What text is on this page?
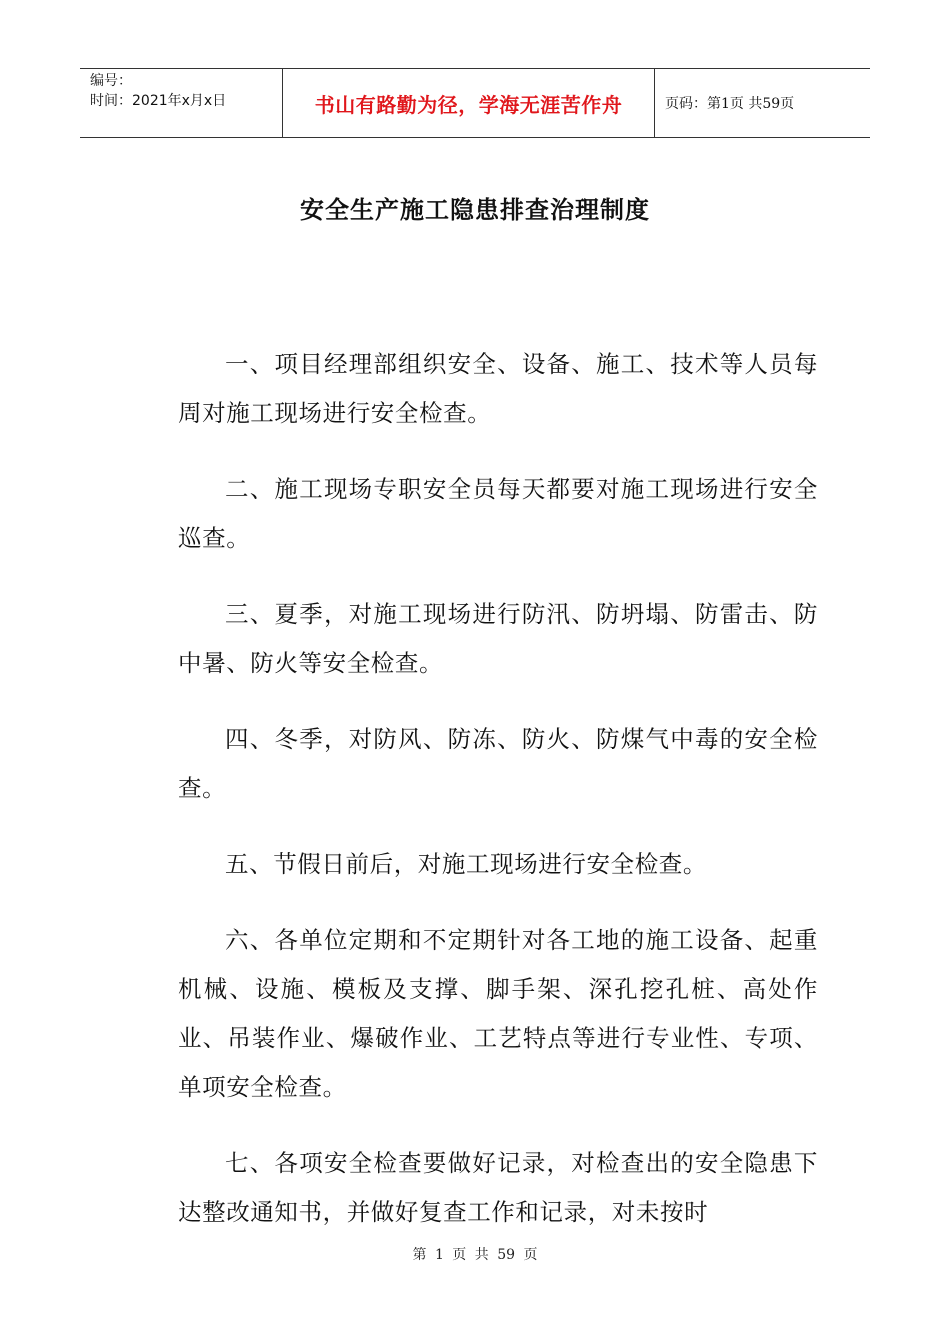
编号：
时间：2021年x月x日	书山有路勤为径，学海无涯苦作舟	页码：第1页 共59页
安全生产施工隐患排查治理制度

一、项目经理部组织安全、设备、施工、技术等人员每周对施工现场进行安全检查。

二、施工现场专职安全员每天都要对施工现场进行安全巡查。

三、夏季，对施工现场进行防汛、防坍塌、防雷击、防中暑、防火等安全检查。

四、冬季，对防风、防冻、防火、防煤气中毒的安全检查。

五、节假日前后，对施工现场进行安全检查。

六、各单位定期和不定期针对各工地的施工设备、起重机械、设施、模板及支撑、脚手架、深孔挖孔桩、高处作业、吊装作业、爆破作业、工艺特点等进行专业性、专项、单项安全检查。

七、各项安全检查要做好记录，对检查出的安全隐患下达整改通知书，并做好复查工作和记录，对未按时

第 1 页 共 59 页
